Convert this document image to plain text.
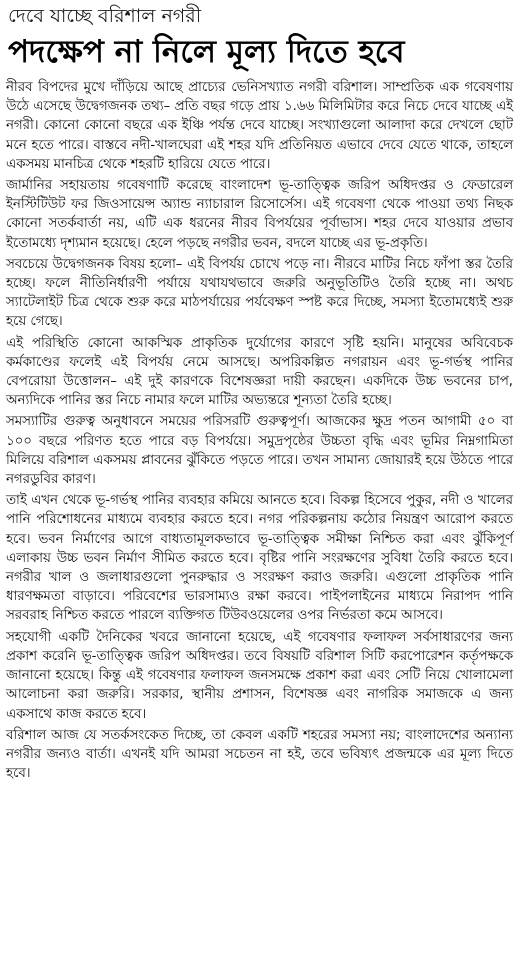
দেবে যাচ্ছে বরিশাল নগরী
পদক্ষেপ না নিলে মূল্য দিতে হবে

নীরব বিপদের মুখে দাঁড়িয়ে আছে প্রাচ্যের ভেনিসখ্যাত নগরী বরিশাল। সাম্প্রতিক এক গবেষণায় উঠে এসেছে উদ্বেগজনক তথ্য– প্রতি বছর গড়ে প্রায় ১.৬৬ মিলিমিটার করে নিচে দেবে যাচ্ছে এই নগরী। কোনো কোনো বছরে এক ইঞ্চি পর্যন্ত দেবে যাচ্ছে। সংখ্যাগুলো আলাদা করে দেখলে ছোট মনে হতে পারে। বাস্তবে নদী-খালঘেরা এই শহর যদি প্রতিনিয়ত এভাবে দেবে যেতে থাকে, তাহলে একসময় মানচিত্র থেকে শহরটি হারিয়ে যেতে পারে।

জার্মানির সহায়তায় গবেষণাটি করেছে বাংলাদেশ ভূ-তাত্ত্বিক জরিপ অধিদপ্তর ও ফেডারেল ইনস্টিটিউট ফর জিওসায়েন্স অ্যান্ড ন্যাচারাল রিসোর্সেস। এই গবেষণা থেকে পাওয়া তথ্য নিছক কোনো সতর্কবার্তা নয়, এটি এক ধরনের নীরব বিপর্যয়ের পূর্বাভাস। শহর দেবে যাওয়ার প্রভাব ইতোমধ্যে দৃশ্যমান হয়েছে। হেলে পড়ছে নগরীর ভবন, বদলে যাচ্ছে এর ভূ-প্রকৃতি।

সবচেয়ে উদ্বেগজনক বিষয় হলো– এই বিপর্যয় চোখে পড়ে না। নীরবে মাটির নিচে ফাঁপা স্তর তৈরি হচ্ছে। ফলে নীতিনির্ধারণী পর্যায়ে যথাযথভাবে জরুরি অনুভূতিটিও তৈরি হচ্ছে না। অথচ স্যাটেলাইট চিত্র থেকে শুরু করে মাঠপর্যায়ের পর্যবেক্ষণ স্পষ্ট করে দিচ্ছে, সমস্যা ইতোমধ্যেই শুরু হয়ে গেছে।

এই পরিস্থিতি কোনো আকস্মিক প্রাকৃতিক দুর্যোগের কারণে সৃষ্টি হয়নি। মানুষের অবিবেচক কর্মকাণ্ডের ফলেই এই বিপর্যয় নেমে আসছে। অপরিকল্পিত নগরায়ন এবং ভূ-গর্ভস্থ পানির বেপরোয়া উত্তোলন– এই দুই কারণকে বিশেষজ্ঞরা দায়ী করছেন। একদিকে উচ্চ ভবনের চাপ, অন্যদিকে পানির স্তর নিচে নামার ফলে মাটির অভ্যন্তরে শূন্যতা তৈরি হচ্ছে।

সমস্যাটির গুরুত্ব অনুধাবনে সময়ের পরিসরটি গুরুত্বপূর্ণ। আজকের ক্ষুদ্র পতন আগামী ৫০ বা ১০০ বছরে পরিণত হতে পারে বড় বিপর্যয়ে। সমুদ্রপৃষ্ঠের উচ্চতা বৃদ্ধি এবং ভূমির নিম্নগামিতা মিলিয়ে বরিশাল একসময় প্লাবনের ঝুঁকিতে পড়তে পারে। তখন সামান্য জোয়ারই হয়ে উঠতে পারে নগরডুবির কারণ।

তাই এখন থেকে ভূ-গর্ভস্থ পানির ব্যবহার কমিয়ে আনতে হবে। বিকল্প হিসেবে পুকুর, নদী ও খালের পানি পরিশোধনের মাধ্যমে ব্যবহার করতে হবে। নগর পরিকল্পনায় কঠোর নিয়ন্ত্রণ আরোপ করতে হবে। ভবন নির্মাণের আগে বাধ্যতামূলকভাবে ভূ-তাত্ত্বিক সমীক্ষা নিশ্চিত করা এবং ঝুঁকিপূর্ণ এলাকায় উচ্চ ভবন নির্মাণ সীমিত করতে হবে। বৃষ্টির পানি সংরক্ষণের সুবিধা তৈরি করতে হবে। নগরীর খাল ও জলাধারগুলো পুনরুদ্ধার ও সংরক্ষণ করাও জরুরি। এগুলো প্রাকৃতিক পানি ধারণক্ষমতা বাড়াবে। পরিবেশের ভারসাম্যও রক্ষা করবে। পাইপলাইনের মাধ্যমে নিরাপদ পানি সরবরাহ নিশ্চিত করতে পারলে ব্যক্তিগত টিউবওয়েলের ওপর নির্ভরতা কমে আসবে।

সহযোগী একটি দৈনিকের খবরে জানানো হয়েছে, এই গবেষণার ফলাফল সর্বসাধারণের জন্য প্রকাশ করেনি ভূ-তাত্ত্বিক জরিপ অধিদপ্তর। তবে বিষয়টি বরিশাল সিটি করপোরেশন কর্তৃপক্ষকে জানানো হয়েছে। কিন্তু এই গবেষণার ফলাফল জনসমক্ষে প্রকাশ করা এবং সেটি নিয়ে খোলামেলা আলোচনা করা জরুরি। সরকার, স্থানীয় প্রশাসন, বিশেষজ্ঞ এবং নাগরিক সমাজকে এ জন্য একসাথে কাজ করতে হবে।

বরিশাল আজ যে সতর্কসংকেত দিচ্ছে, তা কেবল একটি শহরের সমস্যা নয়; বাংলাদেশের অন্যান্য নগরীর জন্যও বার্তা। এখনই যদি আমরা সচেতন না হই, তবে ভবিষ্যৎ প্রজন্মকে এর মূল্য দিতে হবে।
